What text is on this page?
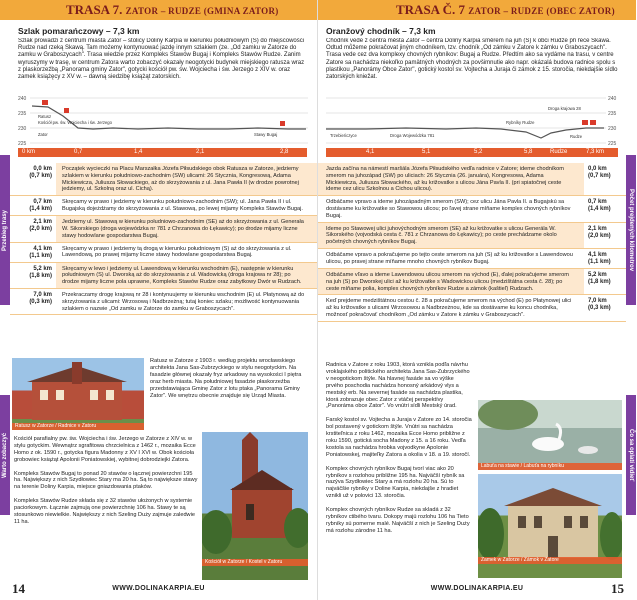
TRASA 7. ZATOR – RUDZE (GMINA ZATOR)
Szlak pomarańczowy – 7,3 km
Szlak prowadzi z centrum miasta Zator – stolicy Doliny Karpia w kierunku południowym (S) do miejscowości Rudze nad rzeką Skawą. Tam możemy kontynuować jazdę innym szlakiem (ze. „Od zamku w Zatorze do zamku w Graboszycach". Trasa wiedzie przez Kompleks Stawów Bugaj i Kompleks Stawów Rudze. Zanim wyruszymy w trasę, w centrum Zatora warto zobaczyć okazały neogotycki budynek miejskiego ratusza wraz z plaskorzeźbą „Panorama gminy Zator", gotycki kościół pw. św. Wojciecha i św. Jerzego z XIV w. oraz zamek książęcy z XV w. – dawną siedzibę książąt zatorskich.
240
235
230
225
Ratusz
Kościół pw. św. Wojciecha i św. Jerzego
Zator	Stawy Bugaj
0 km	0,7	1,4	2,1	2,8
0,0 km
(0,7 km)
Początek wycieczki na Placu Marszałka Józefa Piłsudskiego obok Ratusza w Zatorze, jedziemy szlakiem w kierunku południowo-zachodnim (SW) ulicami: 26 Stycznia, Kongresową, Adama Mickiewicza, Juliusza Słowackiego, aż do skrzyżowania z ul. Jana Pawła II (w drodze powrotnej jedziemy, ul. Szkolną oraz ul. Cichą).
0,7 km
(1,4 km)
Skręcamy w prawo i jedziemy w kierunku południowo-zachodnim (SW); ul. Jana Pawła II i ul. Bugajską dojeżdżamy do skrzyżowania z ul. Stawową, po lewej mijamy Kompleks Stawów Bugaj.
2,1 km
(2,0 km)
Jedziemy ul. Stawową w kierunku południowo-zachodnim (SE) aż do skrzyżowania z ul. Generała W. Sikorskiego (droga wojewódzka nr 781 z Chrzanowa do Łękawicy); po drodze mijamy liczne stawy hodowlane gospodarstwa Bugaj.
4,1 km
(1,1 km)
Skręcamy w prawo i jedziemy tą drogą w kierunku południowym (S) aż do skrzyżowania z ul. Lawendową, po prawej mijamy liczne stawy hodowlane gospodarstwa Bugaj.
5,2 km
(1,8 km)
Skręcamy w lewo i jedziemy ul. Lawendową w kierunku wschodnim (E), następnie w kierunku południowym (S) ul. Dworską aż do skrzyżowania z ul. Wadowicką (droga krajowa nr 28); po drodze mijamy liczne pola uprawne, Kompleks Stawów Rudze oraz zabytkowy Dwór w Rudzach.
7,0 km
(0,3 km)
Przekraczamy drogę krajową nr 28 i kontynuujemy w kierunku wschodnim (E) ul. Płatynową aż do skrzyżowania z ulicami: Wrzosową i Nadbrzeżną; tutaj koniec szlaku; możliwość kontynuowania szlakiem o nazwie „Od zamku w Zatorze do zamku w Graboszycach".
Przebieg trasy
Warto zobaczyć
Ratusz w Zatorze / Radnice v Zatoru
Ratusz w Zatorze z 1903 r. według projektu wrocławskiego architekta Jana Sas-Zubrzyckiego w stylu neogotyckim. Na fasadzie głównej okazały fryz arkadowy na wysokości I piętra oraz herb miasta. Na południowej fasadzie płaskorzeźba przedstawiająca Gminę Zator z lotu ptaka „Panorama Gminy Zator". We wnętrzu obecnie znajduje się Urząd Miasta.
Kościół parafialny pw. św. Wojciecha i św. Jerzego w Zatorze z XIV w. w stylu gotyckim. Wewnątrz sgrafitowa chrzcielnica z 1462 r., mozaika Ecce Homo z ok. 1590 r., gotycka figura Madonny z XV I XVI w. Obok kościoła grobowiec książąt Apolonii Poniatowskiej, wybitnej dobrodziejki Zatora.

Kompleks Stawów Bugaj to ponad 20 stawów o łącznej powierzchni 195 ha. Największy z nich Szydłowiec Stary ma 20 ha. Są to największe stawy na terenie Doliny Karpia, miejsce gniazdowania ptaków.

Kompleks Stawów Rudze składa się z 32 stawów ułożonych w systemie paciorkowym. Łącznie zajmują one powierzchnię 106 ha. Stawy te są stosunkowo niewielkie. Największy z nich Szeling Duży zajmuje zaledwie 11 ha.
Kościół w Zatorze / Kostel v Zatoru
14	WWW.DOLINAKARPIA.EU
TRASA Č. 7 ZATOR – RUDZE (OBEC ZATOR)
Oranžový chodník – 7,3 km
Chodník vede z centra města Zator – centra Doliny Karpia směrem na juh (S) k obci Rudze při řece Skawa. Odtud můžeme pokračovat jiným chodníkem, tzv. chodník „Od zámku v Zatore k zámku v Graboszycach". Trasa vede cez dva komplexy chovných rybníkov: Bugaj a Rudze. Předtím ako sa vydáme na trasu, v centre Zatore sa nachádza niekoľko pamätných vhodných za povšimnutie ako napr. okázalá budova radnice spolu s plastikou „Panorámy Obce Zator", gotický kostol sv. Vojtecha a Juraja či zámok z 15. storočia, niekdajšie sídlo zatorských kniežat.
240
235
230
225
Trzebieńczyce	Droga Wojewódzka 781
Rybníky Rudze
Droga krajowa 28
Rudze
4,1	5,1	5,2	5,8	Rudze	7,3 km
0,0 km
(0,7 km)
Jazda začína na námestí maršála Józefa Piłsudského vedľa radnice v Zatore; ideme chodníkom smerom na juhozápad (SW) po uliciach: 26 Stycznia (26. januára), Kongresowa, Adama Mickiewicza, Juliusza Słowackého, až ku križovatke s ulicou Jána Pavla II. (pri spiatočnej ceste ideme cez ulicu Szkolnou a Cichou ulicou).
0,7 km
(1,4 km)
Odbáčame vpravo a ideme juhozápadným smerom (SW); cez ulicu Jána Pavla II. a Bugajskú sa dostávame ku križovatke so Stawowou ulicou; po ľavej strane míňame komplex chovných rybníkov Bugaj.
2,1 km
(2,0 km)
Ideme po Stawowej ulici juhovýchodným smerom (SE) až ku križovatke s ulicou Generála W. Sikorského (vojvodská cesta č. 781 z Chrzanowa do Łękawicy); po ceste prechádzame okolo početných chovných rybníkov Bugaj.
4,1 km
(1,1 km)
Odbáčame vpravo a pokračujeme po tejto ceste smerom na juh (S) až ku križovatke s Lawendowou ulicou, po pravej strane míňame mnoho chovných rybníkov Bugaj.
5,2 km
(1,8 km)
Odbáčame vľavo a ideme Lawendowou ulicou smerom na východ (E), ďalej pokračujeme smerom na juh (S) po Dworskej ulici až ku križovatke s Wadowickou ulicou (medzištátna cesta č. 28); po ceste míňame polia, komplex chovných rybníkov Rudze a zámok (kaštieľ) Rudzach.
7,0 km
(0,3 km)
Keď prejdeme medzištátnou cestou č. 28 a pokračujeme smerom na východ (E) po Płatynowej ulici až ku križovatke s ulicami Wrzosowou a Nadbrzeżnou, kde sa dostávame ku koncu chodníka, možnosť pokračovať chodníkom „Od zámku v Zatore k zámku v Graboszycach".
Počet prejdených kilometrov
Čo sa oplatí vidieť
Radnica v Zatore z roku 1903, ktorá vznikla podľa návrhu vroklajského politického architekta Jana Sas-Zubrzyckého v neogotickom štýle. Na hlavnej fasáde sa vo výške prvého poschodia nachádza honosný arkádový vlys a mestský erb. Na severnej fasáde sa nachádza plastika, ktorá zobrazuje obec Zator z vtáčej perspektívy „Panoráma obce Zator". Vo vnútri sídli Mestský úrad.

Farský kostol sv. Vojtecha a Juraja v Zatore zo 14. storočia bol postavený v gotickom štýle. Vnútri sa nachádza krstiteľnica z roku 1462, mozaika Ecce Homo približne z roku 1590, gotická socha Madony z 15. a 16 roku. Vedľa kostola sa nachádza hrobka vojvodkyne Apolonie Poniatowskej, majiteľky Zatora a okolia v 18. a 19. storočí.

Komplex chovných rybníkov Bugaj tvorí viac ako 20 rybníkov s rozlohou približne 195 ha. Najväčší rybník sa nazýva Szydłowiec Stary a má rozlohu 20 ha. Sú to najväčšie rybníky v Doline Karpia, niekdajše z hradiet vznikli už v polovici 13. storočia.

Komplex chovných rybníkov Rudze sa skladá z 32 rybníkov ctibého tvaru. Dokopy majú rozlohu 106 ha Tieto rybníky sú pomerne malé. Najväčší z nich je Szeling Duży má rozlohu zárodne 11 ha.
Labuťa na stawie / Labuťa na rybníku
Zamek w Zatorze / Zámok v Zatore
WWW.DOLINAKARPIA.EU	15
